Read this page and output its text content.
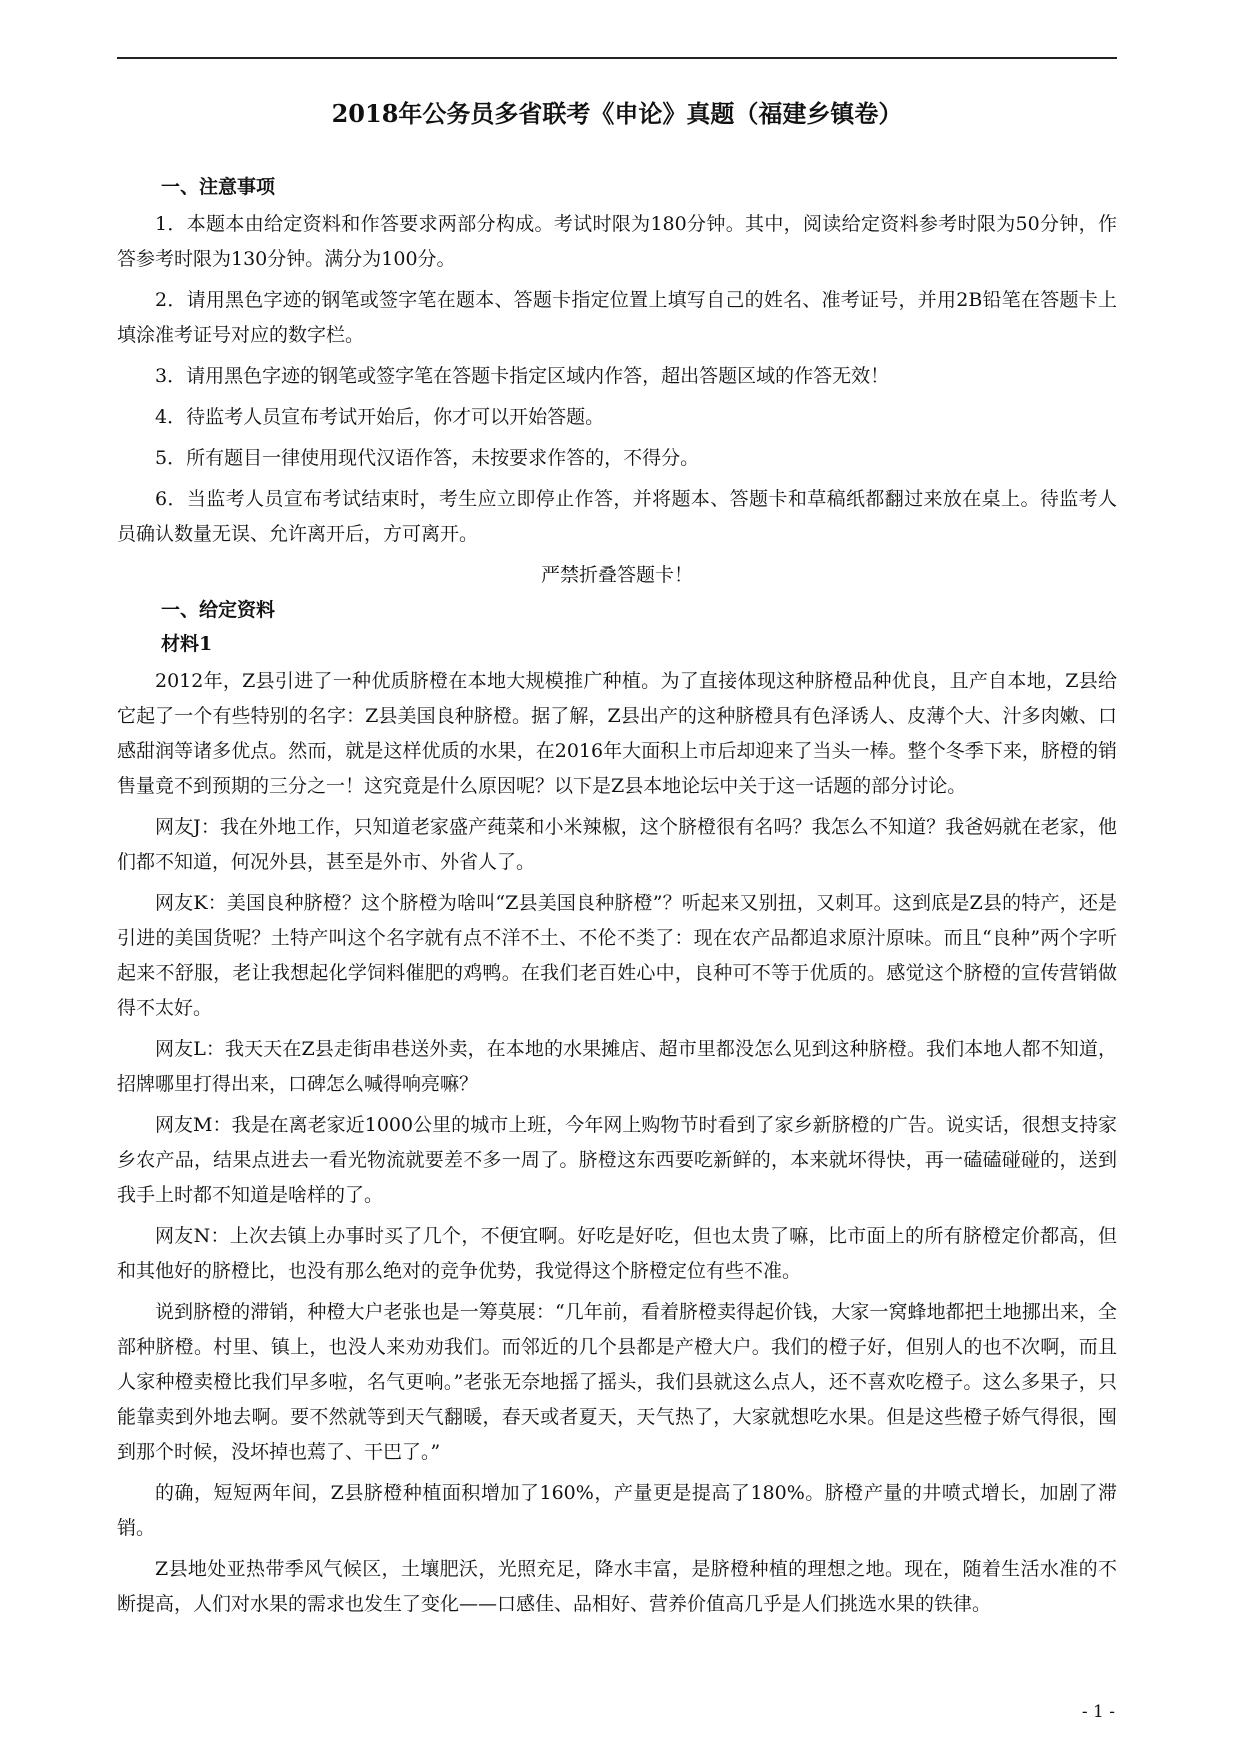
2018年公务员多省联考《申论》真题（福建乡镇卷）
一、注意事项

1．本题本由给定资料和作答要求两部分构成。考试时限为180分钟。其中，阅读给定资料参考时限为50分钟，作答参考时限为130分钟。满分为100分。

2．请用黑色字迹的钢笔或签字笔在题本、答题卡指定位置上填写自己的姓名、准考证号，并用2B铅笔在答题卡上填涂准考证号对应的数字栏。

3．请用黑色字迹的钢笔或签字笔在答题卡指定区域内作答，超出答题区域的作答无效！

4．待监考人员宣布考试开始后，你才可以开始答题。

5．所有题目一律使用现代汉语作答，未按要求作答的，不得分。

6．当监考人员宣布考试结束时，考生应立即停止作答，并将题本、答题卡和草稿纸都翻过来放在桌上。待监考人员确认数量无误、允许离开后，方可离开。

严禁折叠答题卡！
一、给定资料
材料1

2012年，Z县引进了一种优质脐橙在本地大规模推广种植。为了直接体现这种脐橙品种优良，且产自本地，Z县给它起了一个有些特别的名字：Z县美国良种脐橙。据了解，Z县出产的这种脐橙具有色泽诱人、皮薄个大、汁多肉嫩、口感甜润等诸多优点。然而，就是这样优质的水果，在2016年大面积上市后却迎来了当头一棒。整个冬季下来，脐橙的销售量竟不到预期的三分之一！这究竟是什么原因呢？以下是Z县本地论坛中关于这一话题的部分讨论。

网友J：我在外地工作，只知道老家盛产莼菜和小米辣椒，这个脐橙很有名吗？我怎么不知道？我爸妈就在老家，他们都不知道，何况外县，甚至是外市、外省人了。

网友K：美国良种脐橙？这个脐橙为啥叫“Z县美国良种脐橙”？听起来又别扭，又刺耳。这到底是Z县的特产，还是引进的美国货呢？土特产叫这个名字就有点不洋不土、不伦不类了：现在农产品都追求原汁原味。而且“良种”两个字听起来不舒服，老让我想起化学饲料催肥的鸡鸭。在我们老百姓心中，良种可不等于优质的。感觉这个脐橙的宣传营销做得不太好。

网友L：我天天在Z县走街串巷送外卖，在本地的水果摊店、超市里都没怎么见到这种脐橙。我们本地人都不知道，招牌哪里打得出来，口碑怎么喊得响亮嘛？

网友M：我是在离老家近1000公里的城市上班，今年网上购物节时看到了家乡新脐橙的广告。说实话，很想支持家乡农产品，结果点进去一看光物流就要差不多一周了。脐橙这东西要吃新鲜的，本来就坏得快，再一磕磕碰碰的，送到我手上时都不知道是啥样的了。

网友N：上次去镇上办事时买了几个，不便宜啊。好吃是好吃，但也太贵了嘛，比市面上的所有脐橙定价都高，但和其他好的脐橙比，也没有那么绝对的竞争优势，我觉得这个脐橙定位有些不准。

说到脐橙的滞销，种橙大户老张也是一筹莫展：“几年前，看着脐橙卖得起价钱，大家一窝蜂地都把土地挪出来，全部种脐橙。村里、镇上，也没人来劝劝我们。而邻近的几个县都是产橙大户。我们的橙子好，但别人的也不次啊，而且人家种橙卖橙比我们早多啦，名气更响。”老张无奈地摇了摇头，我们县就这么点人，还不喜欢吃橙子。这么多果子，只能靠卖到外地去啊。要不然就等到天气翻暖，春天或者夏天，天气热了，大家就想吃水果。但是这些橙子娇气得很，囤到那个时候，没坏掉也蔫了、干巴了。”

的确，短短两年间，Z县脐橙种植面积增加了160%，产量更是提高了180%。脐橙产量的井喷式增长，加剧了滞销。

Z县地处亚热带季风气候区，土壤肥沃，光照充足，降水丰富，是脐橙种植的理想之地。现在，随着生活水准的不断提高，人们对水果的需求也发生了变化——口感佳、品相好、营养价值高几乎是人们挑选水果的铁律。

- 1 -
